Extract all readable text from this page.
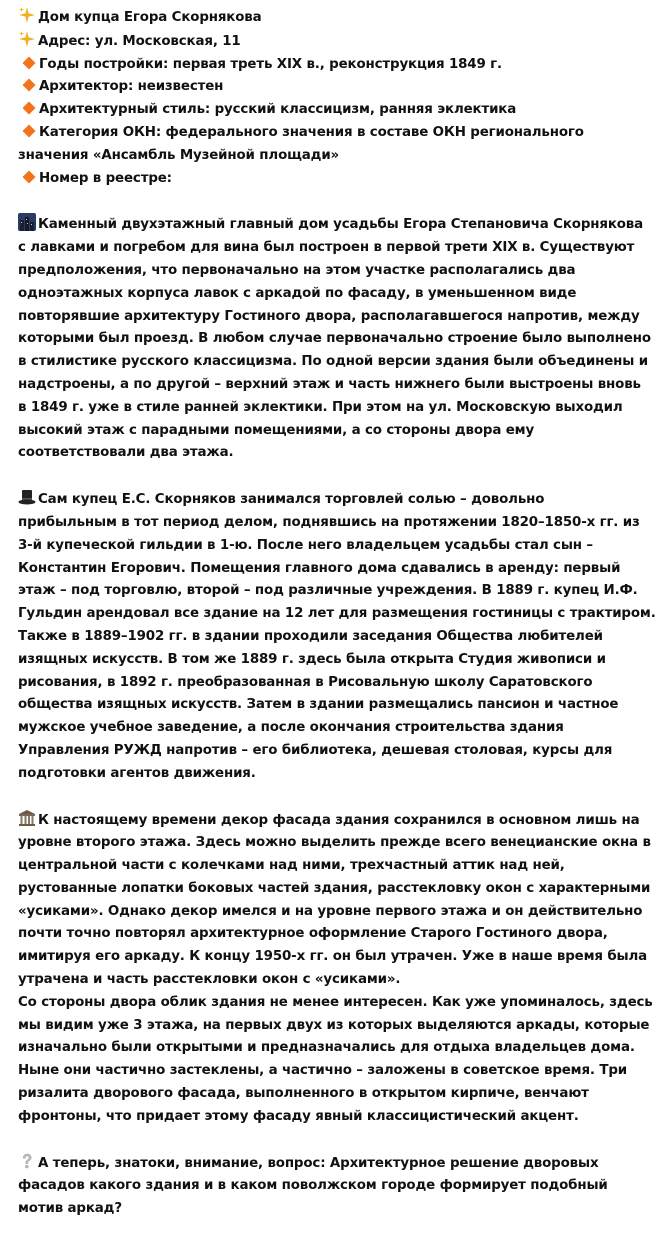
Дом купца Егора Скорнякова
Адрес: ул. Московская, 11
Годы постройки: первая треть XIX в., реконструкция 1849 г.
Архитектор: неизвестен
Архитектурный стиль: русский классицизм, ранняя эклектика
Категория ОКН: федерального значения в составе ОКН регионального
значения «Ансамбль Музейной площади»
Номер в реестре:
Каменный двухэтажный главный дом усадьбы Егора Степановича Скорнякова
с лавками и погребом для вина был построен в первой трети XIX в. Существуют
предположения, что первоначально на этом участке располагались два
одноэтажных корпуса лавок с аркадой по фасаду, в уменьшенном виде
повторявшие архитектуру Гостиного двора, располагавшегося напротив, между
которыми был проезд. В любом случае первоначально строение было выполнено
в стилистике русского классицизма. По одной версии здания были объединены и
надстроены, а по другой – верхний этаж и часть нижнего были выстроены вновь
в 1849 г. уже в стиле ранней эклектики. При этом на ул. Московскую выходил
высокий этаж с парадными помещениями, а со стороны двора ему
соответствовали два этажа.
Сам купец Е.С. Скорняков занимался торговлей солью – довольно
прибыльным в тот период делом, поднявшись на протяжении 1820–1850-х гг. из
3-й купеческой гильдии в 1-ю. После него владельцем усадьбы стал сын –
Константин Егорович. Помещения главного дома сдавались в аренду: первый
этаж – под торговлю, второй – под различные учреждения. В 1889 г. купец И.Ф.
Гульдин арендовал все здание на 12 лет для размещения гостиницы с трактиром.
Также в 1889–1902 гг. в здании проходили заседания Общества любителей
изящных искусств. В том же 1889 г. здесь была открыта Студия живописи и
рисования, в 1892 г. преобразованная в Рисовальную школу Саратовского
общества изящных искусств. Затем в здании размещались пансион и частное
мужское учебное заведение, а после окончания строительства здания
Управления РУЖД напротив – его библиотека, дешевая столовая, курсы для
подготовки агентов движения.
К настоящему времени декор фасада здания сохранился в основном лишь на
уровне второго этажа. Здесь можно выделить прежде всего венецианские окна в
центральной части с колечками над ними, трехчастный аттик над ней,
рустованные лопатки боковых частей здания, расстекловку окон с характерными
«усиками». Однако декор имелся и на уровне первого этажа и он действительно
почти точно повторял архитектурное оформление Старого Гостиного двора,
имитируя его аркаду. К концу 1950-х гг. он был утрачен. Уже в наше время была
утрачена и часть расстекловки окон с «усиками».
Со стороны двора облик здания не менее интересен. Как уже упоминалось, здесь
мы видим уже 3 этажа, на первых двух из которых выделяются аркады, которые
изначально были открытыми и предназначались для отдыха владельцев дома.
Ныне они частично застеклены, а частично – заложены в советское время. Три
ризалита дворового фасада, выполненного в открытом кирпиче, венчают
фронтоны, что придает этому фасаду явный классицистический акцент.
А теперь, знатоки, внимание, вопрос: Архитектурное решение дворовых
фасадов какого здания и в каком поволжском городе формирует подобный
мотив аркад?
